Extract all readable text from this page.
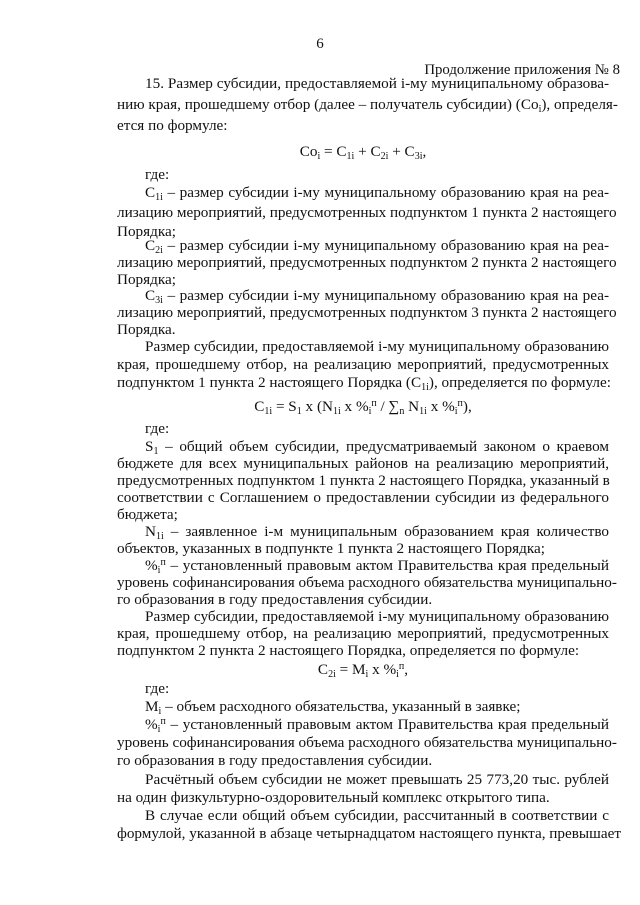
6
Продолжение приложения № 8
15. Размер субсидии, предоставляемой i-му муниципальному образова-
нию края, прошедшему отбор (далее – получатель субсидии) $(Со_i)$, определя-
ется по формуле:
$Со_i = С_{1i} + С_{2i} + С_{3i}$,
где:
$С_{1i}$ – размер субсидии i-му муниципальному образованию края на реа-
лизацию мероприятий, предусмотренных подпунктом 1 пункта 2 настоящего
Порядка;
$С_{2i}$ – размер субсидии i-му муниципальному образованию края на реа-
лизацию мероприятий, предусмотренных подпунктом 2 пункта 2 настоящего
Порядка;
$С_{3i}$ – размер субсидии i-му муниципальному образованию края на реа-
лизацию мероприятий, предусмотренных подпунктом 3 пункта 2 настоящего
Порядка.
Размер субсидии, предоставляемой i-му муниципальному образованию
края, прошедшему отбор, на реализацию мероприятий, предусмотренных
подпунктом 1 пункта 2 настоящего Порядка $(С_{1i})$, определяется по формуле:
$С_{1i} = S_1$ x ($N_{1i}$ x $\%_i^п / \sum_n$ $N_{1i}$ x $\%_i^п$),
где:
$S_1$ – общий объем субсидии, предусматриваемый законом о краевом
бюджете для всех муниципальных районов на реализацию мероприятий,
предусмотренных подпунктом 1 пункта 2 настоящего Порядка, указанный в
соответствии с Соглашением о предоставлении субсидии из федерального
бюджета;
$N_{1i}$ – заявленное i-м муниципальным образованием края количество
объектов, указанных в подпункте 1 пункта 2 настоящего Порядка;
$\%_i^п$ – установленный правовым актом Правительства края предельный
уровень софинансирования объема расходного обязательства муниципально-
го образования в году предоставления субсидии.
Размер субсидии, предоставляемой i-му муниципальному образованию
края, прошедшему отбор, на реализацию мероприятий, предусмотренных
подпунктом 2 пункта 2 настоящего Порядка, определяется по формуле:
$С_{2i} = M_i$ x $\%_i^п$,
где:
$M_i$ – объем расходного обязательства, указанный в заявке;
$\%_i^п$ – установленный правовым актом Правительства края предельный
уровень софинансирования объема расходного обязательства муниципально-
го образования в году предоставления субсидии.
Расчётный объем субсидии не может превышать 25 773,20 тыс. рублей
на один физкультурно-оздоровительный комплекс открытого типа.
В случае если общий объем субсидии, рассчитанный в соответствии с
формулой, указанной в абзаце четырнадцатом настоящего пункта, превышает
